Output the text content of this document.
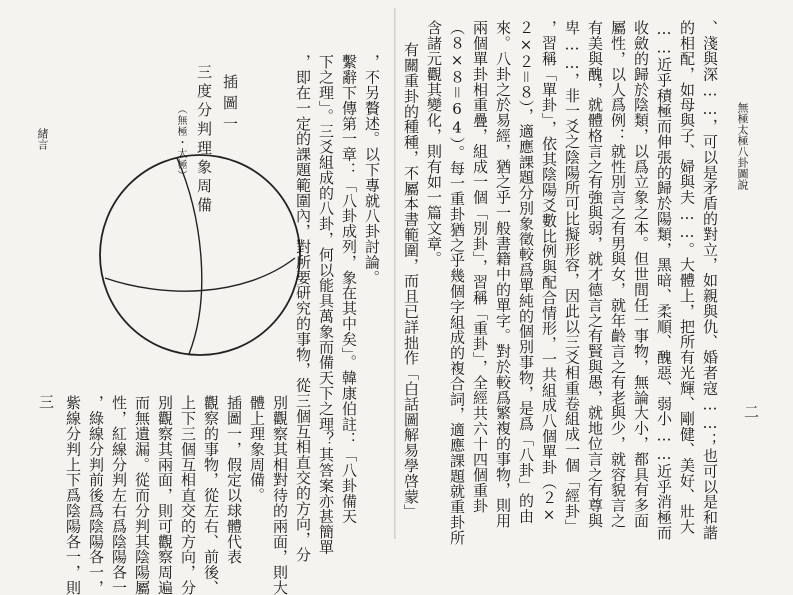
緒言
插圖一
三度分判理象周備
（無極・太極）	，不另贅述。以下專就八卦討論。
繫辭下傳第一章：「八卦成列，象在其中矣」。韓康伯註：「八卦備天
下之理」。三爻組成的八卦，何以能具萬象而備天下之理？其答案亦甚簡單
，即在一定的課題範圍內，對所要研究的事物，從三個互相直交的方向，分
別觀察其相對待的兩面，則大
體上理象周備。
插圖一，假定以球體代表
觀察的事物，從左右、前後、
上下三個互相直交的方向，分
別觀察其兩面，則可觀察周遍
而無遺漏。從而分判其陰陽屬
性，紅線分判左右爲陰陽各一
，綠線分判前後爲陰陽各一，
紫線分判上下爲陰陽各一，則
三
無極太極八卦圖說
二
、淺與深……，可以是矛盾的對立，如親與仇、婚者寇……；也可以是和諧
的相配，如母與子、婦與夫……。大體上，把所有光輝、剛健、美好、壯大
……近乎積極而伸張的歸於陽類，黑暗、柔順、醜惡、弱小……近乎消極而
收斂的歸於陰類，以爲立象之本。但世間任一事物，無論大小，都具有多面
屬性，以人爲例：就性別言之有男與女，就年齡言之有老與少，就容貌言之
有美與醜，就體格言之有強與弱，就才德言之有賢與愚，就地位言之有尊與
卑……，非一爻之陰陽所可比擬形容，因此以三爻相重卷組成一個「經卦」
，習稱「單卦」，依其陰陽爻數比例與配合情形，一共組成八個單卦（２×
２×２＝８），適應課題分別象徵較爲單純的個別事物，是爲「八卦」的由
來。八卦之於易經，猶之乎一般書籍中的單字。對於較爲繁複的事物，則用
兩個單卦相重疊，組成一個「別卦」，習稱「重卦」，全經共六十四個重卦
（８×８＝64）。每一重卦猶之乎幾個字組成的複合詞，適應課題就重卦所
含諸元觀其變化，則有如一篇文章。
有關重卦的種種，不屬本書範圍，而且已詳拙作「白話圖解易學啓蒙」
